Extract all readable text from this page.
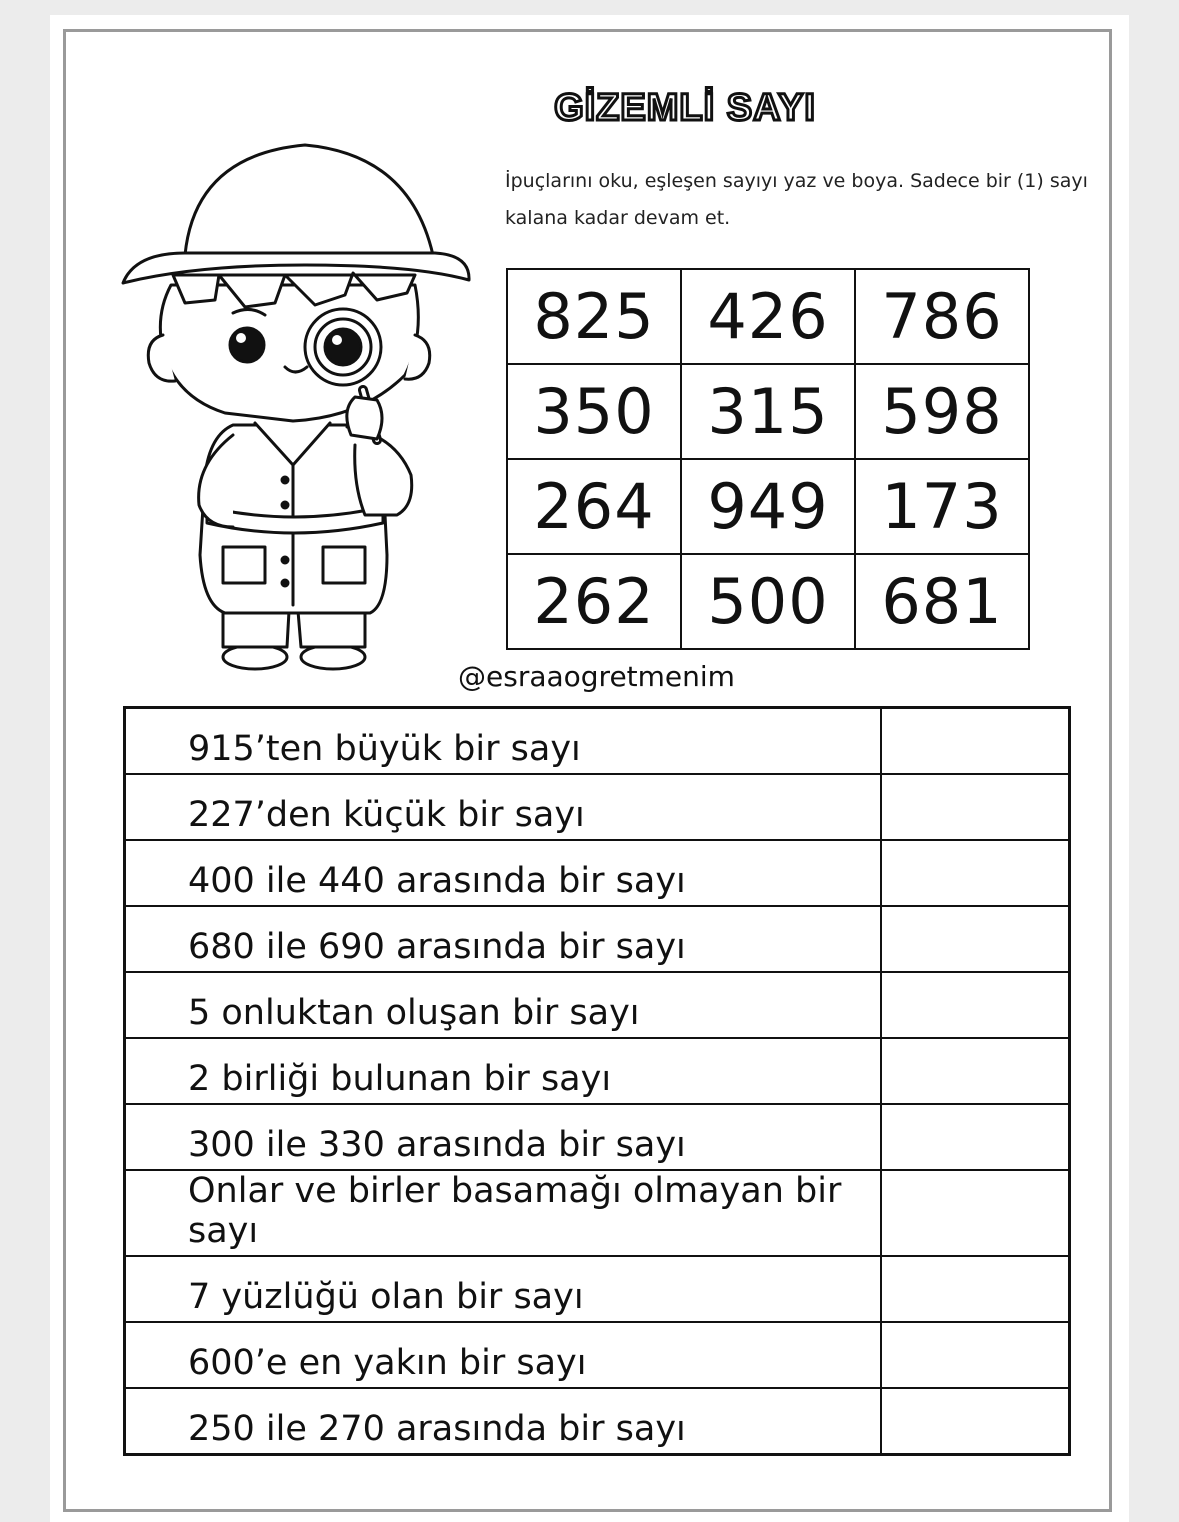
GİZEMLİ SAYI
İpuçlarını oku, eşleşen sayıyı yaz ve boya. Sadece bir (1) sayı kalana kadar devam et.
825	426	786
350	315	598
264	949	173
262	500	681
@esraaogretmenim
915’ten büyük bir sayı	
227’den küçük bir sayı	
400 ile 440 arasında bir sayı	
680 ile 690 arasında bir sayı	
5 onluktan oluşan bir sayı	
2 birliği bulunan bir sayı	
300 ile 330 arasında bir sayı	
Onlar ve birler basamağı olmayan bir sayı	
7 yüzlüğü olan bir sayı	
600’e en yakın bir sayı	
250 ile 270 arasında bir sayı	
